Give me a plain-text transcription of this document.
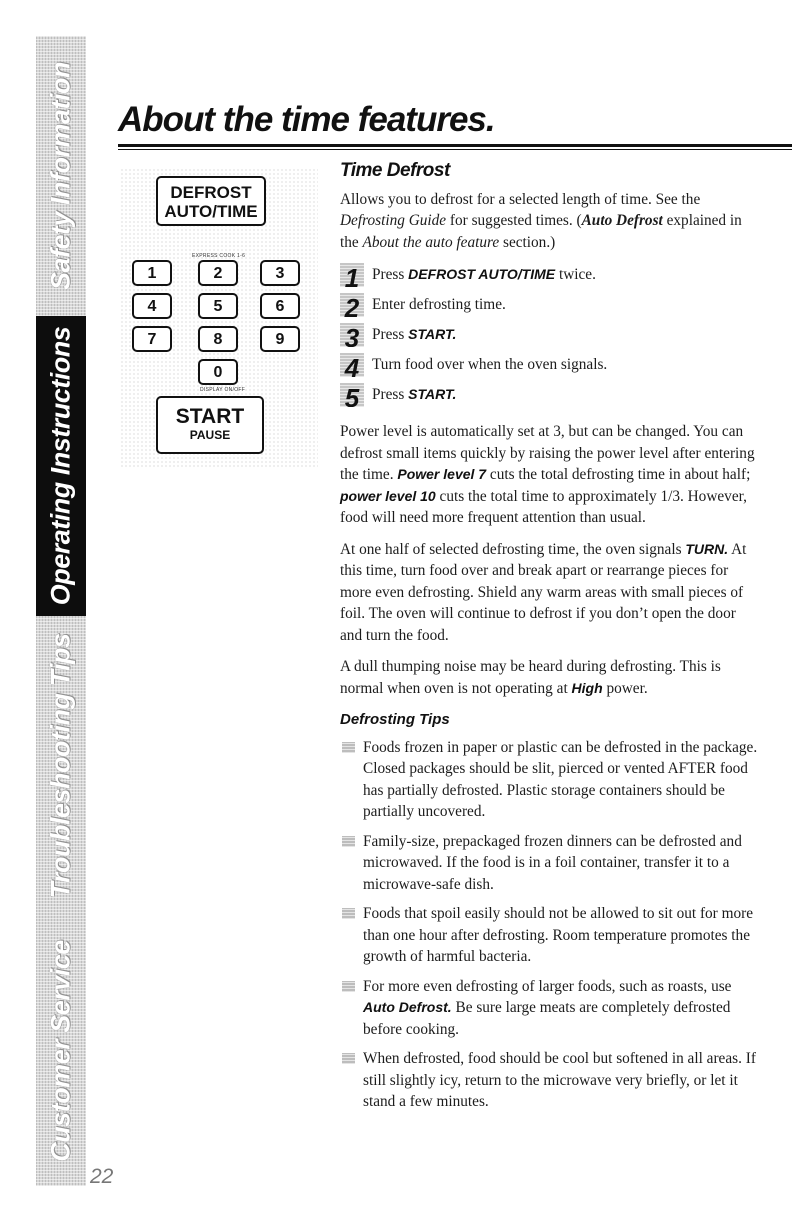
Safety Information
Operating Instructions
Troubleshooting Tips
Customer Service
22
About the time features.
DEFROST
AUTO/TIME
EXPRESS COOK 1-6
1	2	3
4	5	6
7	8	9
0
DISPLAY ON/OFF
START
PAUSE
Time Defrost

Allows you to defrost for a selected length of time. See the Defrosting Guide for suggested times. (Auto Defrost explained in the About the auto feature section.)

1 Press DEFROST AUTO/TIME twice.
2 Enter defrosting time.
3 Press START.
4 Turn food over when the oven signals.
5 Press START.

Power level is automatically set at 3, but can be changed. You can defrost small items quickly by raising the power level after entering the time. Power level 7 cuts the total defrosting time in about half; power level 10 cuts the total time to approximately 1/3. However, food will need more frequent attention than usual.

At one half of selected defrosting time, the oven signals TURN. At this time, turn food over and break apart or rearrange pieces for more even defrosting. Shield any warm areas with small pieces of foil. The oven will continue to defrost if you don’t open the door and turn the food.

A dull thumping noise may be heard during defrosting. This is normal when oven is not operating at High power.

Defrosting Tips
Foods frozen in paper or plastic can be defrosted in the package. Closed packages should be slit, pierced or vented AFTER food has partially defrosted. Plastic storage containers should be partially uncovered.
Family-size, prepackaged frozen dinners can be defrosted and microwaved. If the food is in a foil container, transfer it to a microwave-safe dish.
Foods that spoil easily should not be allowed to sit out for more than one hour after defrosting. Room temperature promotes the growth of harmful bacteria.
For more even defrosting of larger foods, such as roasts, use Auto Defrost. Be sure large meats are completely defrosted before cooking.
When defrosted, food should be cool but softened in all areas. If still slightly icy, return to the microwave very briefly, or let it stand a few minutes.
